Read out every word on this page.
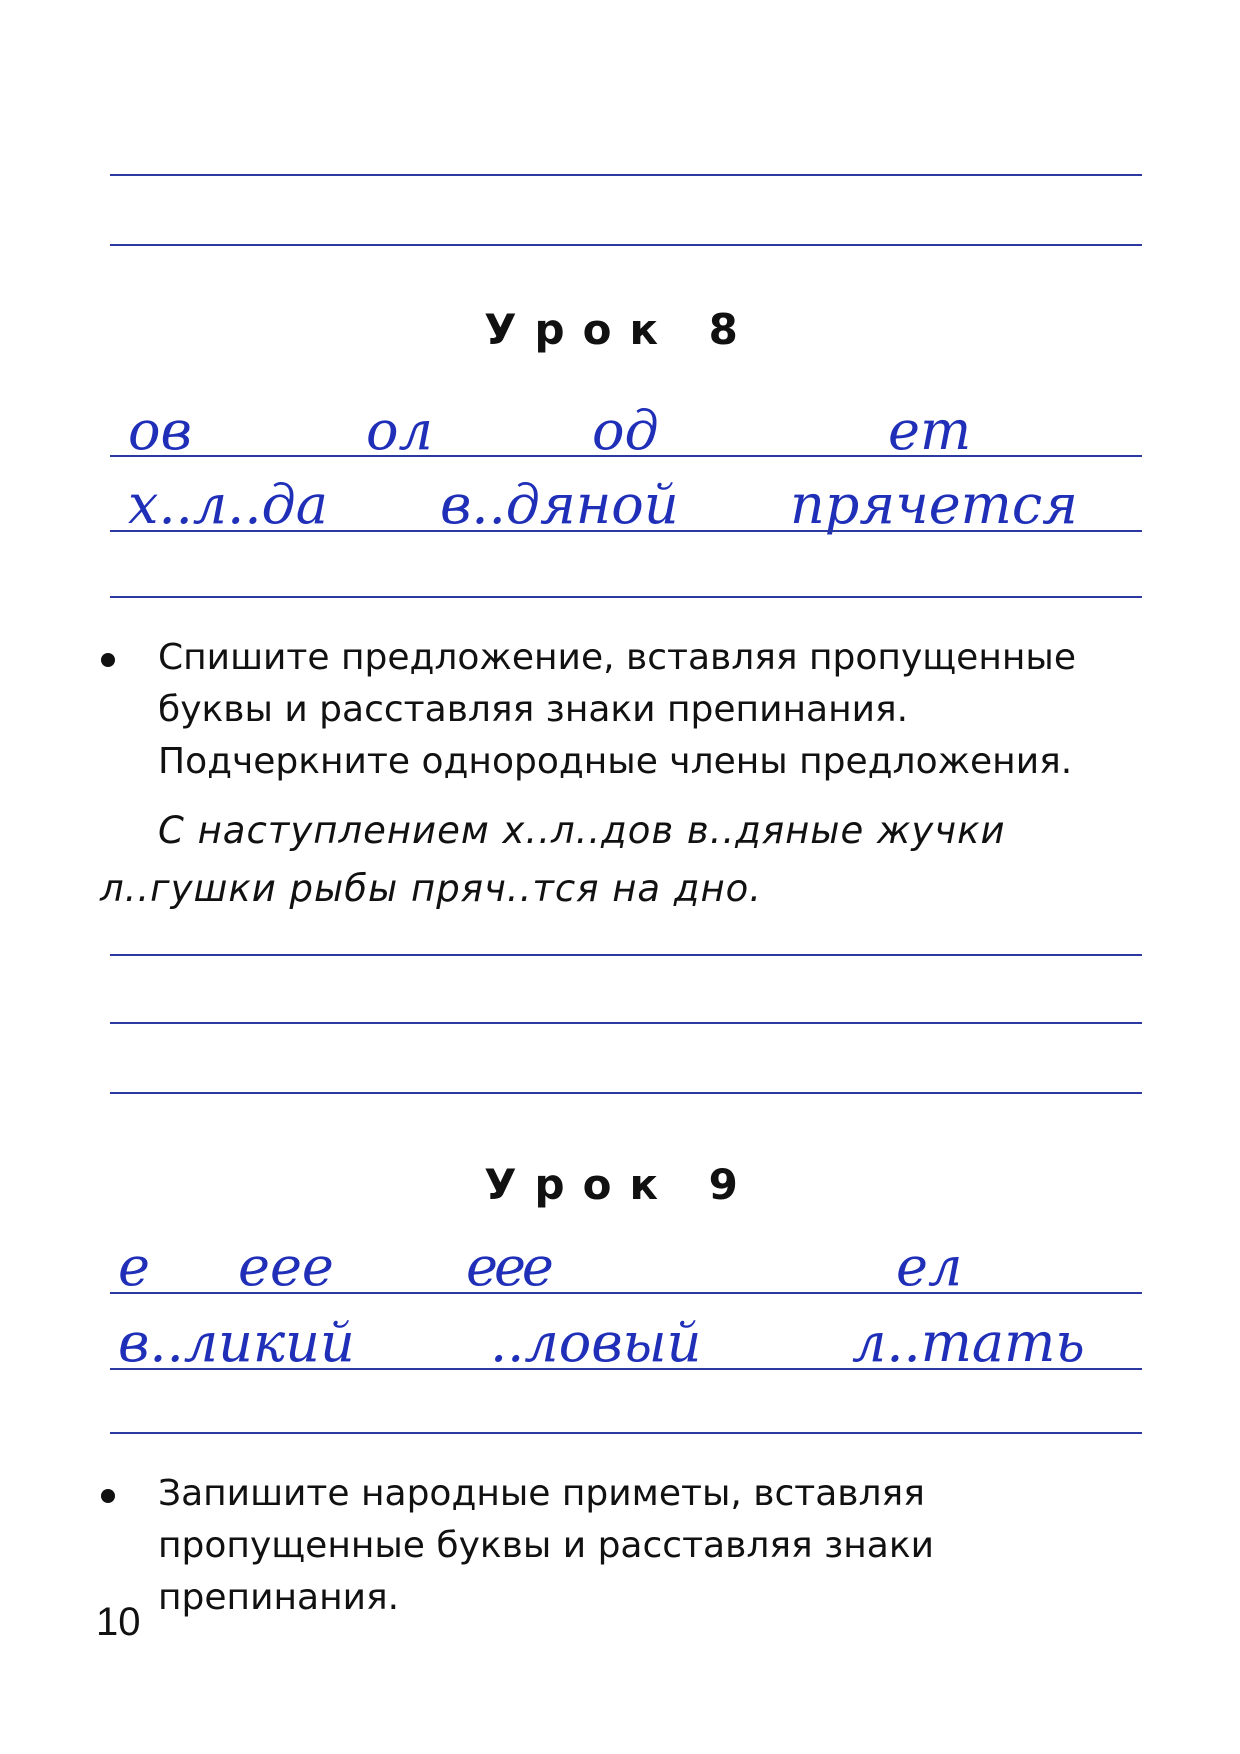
Урок 8
ов	ол	од	ет
х..л..да в..дяной прячется
Спишите предложение, вставляя пропущенные буквы и расставляя знаки препинания. Подчеркните однородные члены предложения.
С наступлением х..л..дов в..дяные жучки л..гушки рыбы пряч..тся на дно.
Урок 9
е еее еее	ел
в..ликий	..ловый	л..тать
Запишите народные приметы, вставляя пропущенные буквы и расставляя знаки препинания.
10
